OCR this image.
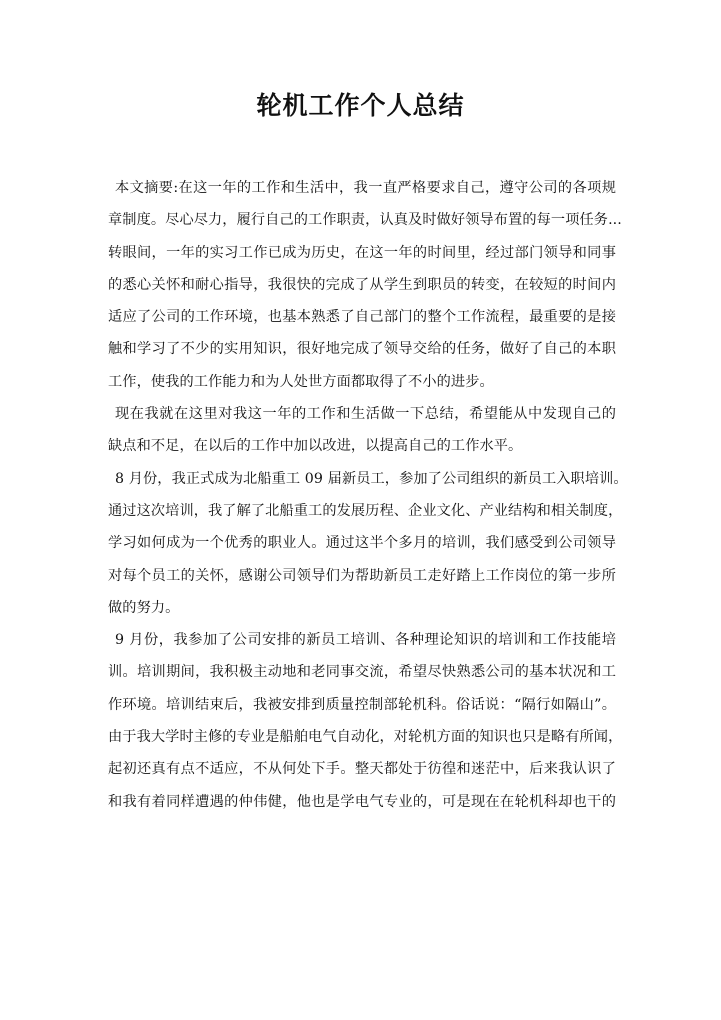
轮机工作个人总结
本文摘要:在这一年的工作和生活中，我一直严格要求自己，遵守公司的各项规
章制度。尽心尽力，履行自己的工作职责，认真及时做好领导布置的每一项任务...
转眼间，一年的实习工作已成为历史，在这一年的时间里，经过部门领导和同事
的悉心关怀和耐心指导，我很快的完成了从学生到职员的转变，在较短的时间内
适应了公司的工作环境，也基本熟悉了自己部门的整个工作流程，最重要的是接
触和学习了不少的实用知识，很好地完成了领导交给的任务，做好了自己的本职
工作，使我的工作能力和为人处世方面都取得了不小的进步。
现在我就在这里对我这一年的工作和生活做一下总结，希望能从中发现自己的
缺点和不足，在以后的工作中加以改进，以提高自己的工作水平。
8 月份，我正式成为北船重工 09 届新员工，参加了公司组织的新员工入职培训。
通过这次培训，我了解了北船重工的发展历程、企业文化、产业结构和相关制度，
学习如何成为一个优秀的职业人。通过这半个多月的培训，我们感受到公司领导
对每个员工的关怀，感谢公司领导们为帮助新员工走好踏上工作岗位的第一步所
做的努力。
9 月份，我参加了公司安排的新员工培训、各种理论知识的培训和工作技能培
训。培训期间，我积极主动地和老同事交流，希望尽快熟悉公司的基本状况和工
作环境。培训结束后，我被安排到质量控制部轮机科。俗话说：“隔行如隔山”。
由于我大学时主修的专业是船舶电气自动化，对轮机方面的知识也只是略有所闻，
起初还真有点不适应，不从何处下手。整天都处于彷徨和迷茫中，后来我认识了
和我有着同样遭遇的仲伟健，他也是学电气专业的，可是现在在轮机科却也干的
